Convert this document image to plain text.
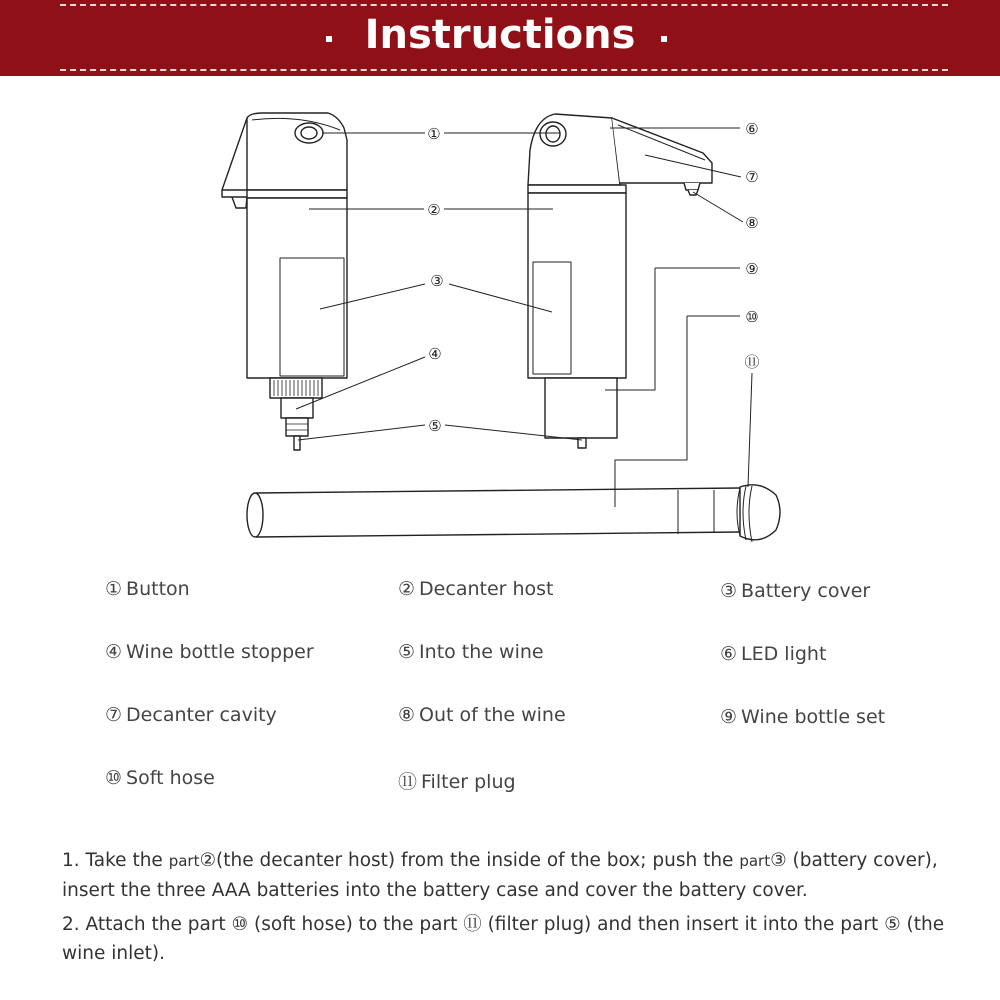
Instructions
①
②
③
④
⑤
⑥
⑦
⑧
⑨
⑩
⑪
① Button	② Decanter host	③ Battery cover
④ Wine bottle stopper	⑤ Into the wine	⑥ LED light
⑦ Decanter cavity	⑧ Out of the wine	⑨ Wine bottle set
⑩ Soft hose	⑪ Filter plug
1. Take the part②(the decanter host) from the inside of the box; push the part③ (battery cover), insert the three AAA batteries into the battery case and cover the battery cover.
2. Attach the part ⑩ (soft hose) to the part ⑪ (filter plug) and then insert it into the part ⑤ (the wine inlet).
